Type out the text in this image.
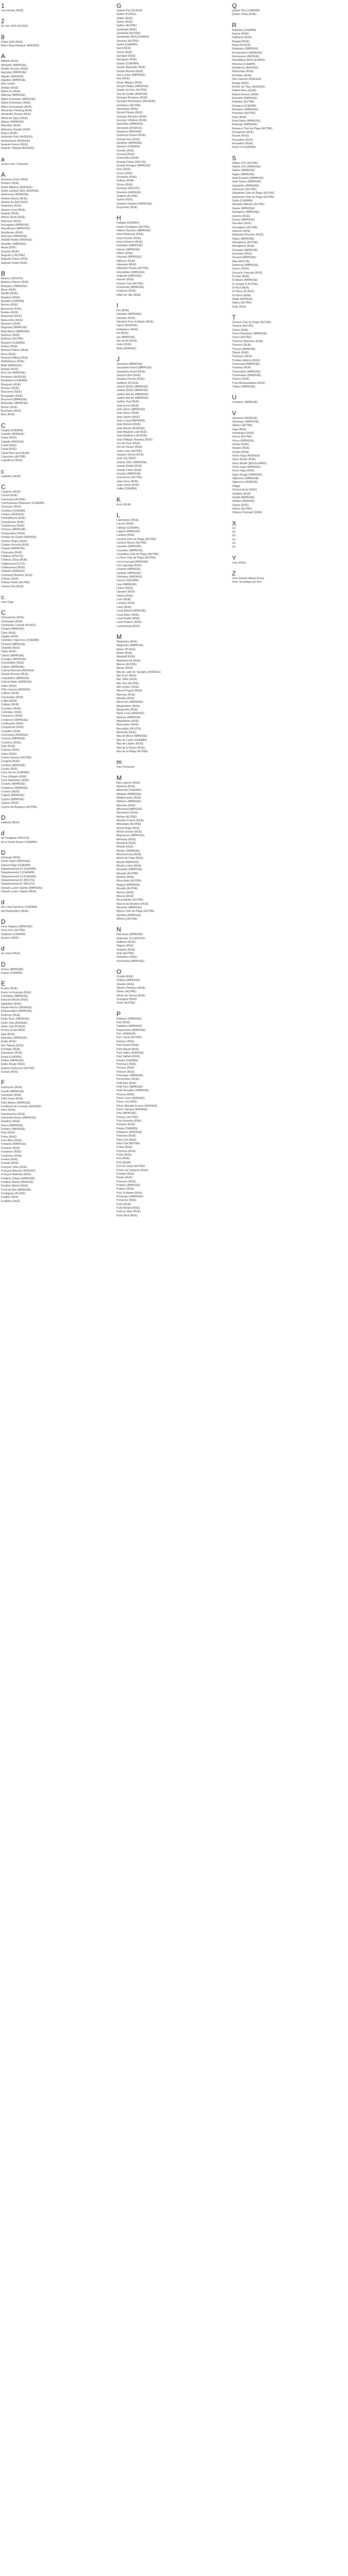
1
1ère Armée (RUE)
2
25 Juin 1944 (PLACE)
8
8 Mai 1945 (RUE)
8ème Reg.Infanterie (AVENUE)
A
Abbatis (RUE)
Abrelette (IMPASSE)
Achille Peuvion (RUE)
Agoretes (IMPASSE)
Aiguiez (AVENUE)
Aiguilles (IMPASSE)
Aire Landre
Ambles (RUE)
Albert Ier (RUE)
Albertus (IMPASSE)
Albert Schneider (IMPASSE)
Albert Schweitzer (RUE)
Albert Gourmande (RUE)
Alexandre Fleming (RUE)
Alexandre Dumas (RUE)
Alfred de Vigny (RUE)
Aliénor (IMPASSE)
Alouettes (RUE)
Alphonse Daudet (RUE)
Alsace (RUE)
Ambroise Paré (AVENUE)
Amidonnerie (AVENUE)
Anatole France (RUE)
Anatole Thibault (AVENUE)
a
ancien Parc Chassese
A
Ancienne Chée (RUE)
Anciens (RUE)
André Malraux (AVENUE)
André Lambert Dick (AVENUE)
Anémones (IMPASSE)
Antoine Barres (RUE)
Antoine de Baif (RUE)
Antonines (RUE)
Antoine Vivet (RUE)
Anatole (RUE)
Arbres Neufs (RUE)
Ardennes (RUE)
Aressgasin (IMPASSE)
Arquebuses (IMPASSE)
Arquibuses (RUE)
Arsenaux (IMPASSE)
Aristide Maillol (AVENUE)
Arnoldes (IMPASSE)
Artois (RUE)
Arzelets (RUE)
Auguste (L'AUTRE)
Augustin Pierre (RUE)
Auguste Rodin (RUE)
B
Balance (ROUTE)
Balisiers Marcel (RUE)
Baraques (IMPASSE)
Barre (RUE)
Bartillé (RUE)
Bavières (RUE)
Bazaille (CHEMIN)
Bercier (RUE)
Bayonnes (RUE)
Bastien (RUE)
Beaumont (RUE)
Beaux-Arts (RUE)
Bécanins (RUE)
Bégonias (IMPASSE)
Bella Barrel (IMPASSE)
Bellevue (RUE)
Bellerive (AUTRE)
Bergerie (CHEMIN)
Berlioz (RUE)
Bernard Palissy (RUE)
Berry (RUE)
Bertrand Rilling (RUE)
Bibliothèque (RUE)
Bidet (IMPASSE)
Boileau (RUE)
Bois Joli (IMPASSE)
Bordeaux (AVENUE)
Bordelaise (CHEMIN)
Bosquets (RUE)
Boucles (RUE)
Bouconne (RUE)
Bourgogne (RUE)
Bouvreuil (IMPASSE)
Brelandier (IMPASSE)
Breton (RUE)
Brouhane (RUE)
Brus (RUE)
C
Calade (CHEMIN)
Calvelle (AVENUE)
Camp (RUE)
Capelle (AVENUE)
Canal (RUE)
Canal (RUE)
Canal Rive Sud (QUAI)
Capucines (AUTRE)
Capotières (RUE)
c
capitelles (RUE)
C
Cargeron (RUE)
Carnot (RUE)
Carrousse (AUTRE)
Carrousseaux Rabasses (CHEMIN)
Carroyers (RUE)
Cerisiers (CHEMIN)
Chaleur (AVENUE)
Champfleurie (RUE)
Chanderane (RUE)
Chardonnay (RUE)
Charoux (IMPASSE)
Charpentiers (RUE)
Charles de Gaulle (AVENUE)
Charles Péguy (RUE)
Charles Perrault (RUE)
Chasse (IMPASSE)
Chasselas (RUE)
Château (ROUTE)
Château d'Eau (RUE)
Châteauneuf (CITÉ)
Châteauneuf (RUE)
Châtelet (AVENUE)
Chéneaux-Berthon (RUE)
Chênes (RUE)
Chênes Petits (AUTRE)
Chèvre-Pile (RUE)
c
chez Gapt
C
Cheverloute (RUE)
Christophe (RUE)
Christophe Colomb (PLACE)
Chopin (IMPASSE)
Cidre (RUE)
Cigales (RUE)
Cimetière Vignerons (CHEMIN)
Cinsault (IMPASSE)
Citadelle (RUE)
Clairs (RUE)
Clèves (IMPASSE)
Cocagne (IMPASSE)
Coeurdalles (RUE)
Colbert (IMPASSE)
Colonel Bernard (AVENUE)
Claude Bernard (RUE)
Colomblère (IMPASSE)
Colonel Alder (IMPASSE)
Côtes (RUE)
Côte Laurent (AVENUE)
Collines (RUE)
Coccinelles (RUE)
Colibri (RUE)
Collines (RUE)
Cocotiers (RUE)
Colombier (RUE)
Commerce (RUE)
Condorcet (IMPASSE)
Confiturerie (RUE)
Coquelicots (RUE)
Coquilles (RUE)
Cormorans (AVENUE)
Corrèze (IMPASSE)
Corsaires (RUE)
Côte (RUE)
Coteaux (RUE)
Côtes (RUE)
Costes Houses (AUTRE)
Cougnat (RUE)
Coulées (IMPASSE)
Courlis (RUE)
Croix de Fer (CHEMIN)
Croix d'Argent (RUE)
Croix Malenfans (RUE)
Croisets (IMPASSE)
Croisières (IMPASSE)
Cruesos (RUE)
Cugnot (IMPASSE)
Cyprès (IMPASSE)
Cygnes (RUE)
Cyrano de Bergerac (AUTRE)
D
Dalberty (RUE)
d
de Pontignan (ROUTE)
de la Garde Basse (CHEMIN)
D
Debonge (RUE)
Denis Papin (IMPASSE)
Départ Plage (CHEMIN)
Départemental 16 (CHEMIN)
Départemental 2 (CHEMIN)
Départemental 14 (CHEMIN)
Départemental 52 (ROUTE)
Départemental 61 (ROUTE)
Député Lucien Salette (IMPASSE)
Député Lucien Salette (RUE)
d
des Cinq Carrières (CHEMIN)
des Radoubiers (RUE)
D
Deux Figuiers (IMPASSE)
Deux Fins (AUTRE)
Distillerie (CHEMIN)
Docteur (RUE)
d
du Canal (RUE)
D
Dunes (IMPASSE)
Dupuy (CHEMIN)
E
Ecoles (RUE)
Ecole Le Français (RUE)
Colombier (IMPASSE)
Edouard Branly (RUE)
Eglantiers (RUE)
Elysée Reclus (AVENUE)
Embarcadère (IMPASSE)
Embruns (RUE)
Emile Roux (IMPASSE)
Émile Zola (AVENUE)
Emile Zola (PLACE)
Enclos Kenet (RUE)
Epia (RUE)
Epinettes (IMPASSE)
Erelle (RUE)
Eric Tabarly (RUE)
Ermitage (RUE)
Estanques (RUE)
Étang (CHEMIN)
Étoiles (IMPASSE)
Etoile Rouge (RUE)
Eugène Delacroix (AUTRE)
Europe (RUE)
F
Faïencerie (RUE)
Farelle (IMPASSE)
Fauvettes (RUE)
Félix Faure (RUE)
Félix Mestre (IMPASSE)
Ferdinand de Lesseps (AVENUE)
Fiers (RUE)
Flammarions (RUE)
Flamands Roses (IMPASSE)
Flandres (RUE)
Fleurs (IMPASSE)
Florides (IMPASSE)
Flots (RUE)
Folies (RUE)
Fond Bleu (RUE)
Fontaine (IMPASSE)
Fontaine (RUE)
Fontaines (RUE)
Forgerons (RUE)
Fortets (RUE)
Fouette (RUE)
François Villon (RUE)
François Mauriac (AVENUE)
François Rabelais (RUE)
Frédéric Chopin (IMPASSE)
Frédéric Mistral (AVENUE)
Frédéric Mistral (RUE)
Front de Mer (IMPASSE)
Frontignan (PLACE)
Fusillés (RUE)
Fusillées (RUE)
G
Gabriel Péri (PLACE)
Galère (PLACE)
Gallée (RUE)
Galets (RUE)
Gallies (AUTRE)
Gambetta (RUE)
Gambetta (AUTRE)
Gambettes (BOULEVARD)
Garance (AUTRE)
Garbe (CHEMIN)
Gard (RUE)
Garns (RUE)
Garrigue (RUE)
Garrigues (RUE)
Gaston (CHEMIN)
Gaston Baissette (RUE)
Gaston Bonnet (RUE)
Gay Lussac (IMPASSE)
Gaz (RUE)
Génie Militaire (RUE)
Gérard Philipe (IMPASSE)
Gaston de Foix (AUTRE)
Gaz de Gaulle (AVENUE)
Georges Brassens (RUE)
Georges Monkeytam (AVENUE)
Gentianes (AUTRE)
Géraniums (RUE)
Gerard Pinaire (RUE)
Georges Rempiss (RUE)
Georges Villebrun (RUE)
Gimbelles (IMPASSE)
Giovannis (AVENUE)
Glaçières (AVENUE)
Grammon Robert (RUE)
Grande Rue (RUE)
Giroflées (IMPASSE)
Glaciers (CHEMIN)
Gonelle (RUE)
Gounod (RUE)
Grand Bleu (RUE)
Grande Plaine (ROUTE)
Grands Rivages (IMPASSE)
Gres (RUE)
Grève (RUE)
Grenache (RUE)
Grillons (RUE)
Grives (RUE)
Gruissan (ROUTE)
Guesdes (AVENUE)
Guignol (AUTRE)
Guinet (RUE)
Gustave Flaubert (IMPASSE)
Guynemer (RUE)
H
Hallage (CHEMIN)
Haute Frontignan (AUTRE)
Hélène Boucher (IMPASSE)
Henri Barbusse (RUE)
Henri Fornier (RUE)
Henri Vincenot (RUE)
Herbettes (IMPASSE)
Hérons (IMPASSE)
Hêtres (RUE)
Heysses (IMPASSE)
Hibiscus (RUE)
Hippolyte (RUE)
Hippolyte Fizeau (AUTRE)
Hirondelles (IMPASSE)
Hollande (IMPASSE)
Honoré (RUE)
Horizon Sud (AUTRE)
Hortensias (IMPASSE)
Hospices (RUE)
Hôtel de Ville (RUE)
I
Iles (RUE)
Industrie (IMPASSE)
Industrie (RUE)
Industrie Prés St Martin (RUE)
Ingres (AVENUE)
Instituteurs (RUE)
Iris (RUE)
Isis (IMPASSE)
Isle de Ré (RUE)
Ivoire (RUE)
Belle (AVENUE)
J
Jacinthes (IMPASSE)
Jacqueline Auriol (IMPASSE)
Jacqueline Auriol (RUE)
Jacques Brel (RUE)
Jacques Prévert (RUE)
Jardinier (PLACE)
Jasmin (RUE) (IMPASSE)
Jardins (RUE) (IMPASSE)
Jardins Bel Air (IMPASSE)
Jardins Bel Air (IMPASSE)
Jardins Sud (RUE)
Jean Ferrat (RUE)
Jean Giono (IMPASSE)
Jean Giono (RUE)
Jean Jaurès (RUE)
Jean Lurçat (IMPASSE)
Jean Monnet (RUE)
Jean Moulin (AVENUE)
Jean-Baptiste Lulli (RUE)
Jean-Baptiste Lulli (RUE)
Jean-Philippe Rameau (RUE)
Jeu de Paon (RUE)
Jeu de Paume (RUE)
Jules Cune (AUTRE)
Jacques Sernat (RUE)
Jean Zay (RUE)
Jeanne d'Arc (IMPASSE)
Joseph Delteil (RUE)
Joseph Fabre (RUE)
Jourdan (IMPASSE)
Joveresses (AUTRE)
Jules Ferry (RUE)
Jules Verne (RUE)
Juillet (CHEMIN)
K
Koch (RUE)
L
Laboratoire (RUE)
Lacroix (RUE)
Lafarge (CHEMIN)
Lagune (IMPASSE)
Lauriers (RUE)
Lauriers Clair de Plage (AUTRE)
Lauriers Roses (AUTRE)
Lavande (IMPASSE)
Lavandes (IMPASSE)
Lavandins Clair de Plage (AUTRE)
Le Brun Clair de Plage (AUTRE)
Léon Foucault (IMPASSE)
Léo Lagrange (RUE)
Lézards (IMPASSE)
Libellule (IMPASSE)
Libération (AVENUE)
Lierres (SQUARE)
Lilas (IMPASSE)
Lisière (RUE)
Lilyanne (RUE)
Littoral (RUE)
Loire (RUE)
Lorraine (RUE)
Lotus (RUE)
Louis Blériot (IMPASSE)
Louis Blanc (RUE)
Louis Braille (RUE)
Louis Pasteur (RUE)
Luxembourg (RUE)
M
Madeleine (RUE)
Magnolias (IMPASSE)
Mairie (PLACE)
Mairie (RUE)
Malakoff (RUE)
Malebranche (RUE)
Manon (AUTRE)
Marais (RUE)
Mar de Latte de Tassigny (AVENUE)
Mar Foch (RUE)
Mar Joffre (RUE)
Mar Juin (AUTRE)
Mar Leclerc (RUE)
Marcel Pagnol (RUE)
Marchés (RUE)
Mareilla (RUE)
Marennes (IMPASSE)
Margeuleine (RUE)
Marguerite (RUE)
Marie Curie (AVENUE)
Marines (IMPASSE)
Marjolaines (RUE)
Maronniers (RUE)
Marseillan (ROUTE)
Martinets (RUE)
Mas de Bérar (IMPASSE)
Mas de Cazer (CHEMIN)
Mas des Salins (RUE)
Mas de la Plaine (RUE)
Mas de la Plage (AUTRE)
m
mas Fornassie
M
Mas Laperre (RUE)
Maximin (RUE)
Maternité (CHEMIN)
Médiatis (IMPASSE)
Méditerranée (RUE)
Mélèzes (IMPASSE)
Mémoire (RUE)
Mémorial (IMPASSE)
Menuisiers (RUE)
Merlan (AUTRE)
Mendès France (RUE)
Mésanges (AUTRE)
Michel Ange (RUE)
Michel Dorrier (RUE)
Mignonnes (IMPASSE)
Mimosas (RUE)
Minoterie (RUE)
Mireille (RUE)
Molière (IMPASSE)
Montmorency (RUE)
Monts de Pratz (RUE)
Moulin (IMPASSE)
Moulin à Vent (RUE)
Mouettes (IMPASSE)
Mouette (AUTRE)
Moulins (RUE)
Mourrèdes (AUTRE)
Muguet (IMPASSE)
Muraille (AUTRE)
Muriers (RUE)
Muscat (RUE)
Muscadelles (AUTRE)
Muscat de Bourbon (RUE)
Myosotis (IMPASSE)
Myrtes Clair de Plage (AUTRE)
Myrtilles (IMPASSE)
Mûriers (AUTRE)
N
Narcisses (IMPASSE)
Nationale 112 (ROUTE)
Neflières (RUE)
Négres (RUE)
Neptune (RUE)
Noël (AUTRE)
Noisetiers (RUE)
Normandie (IMPASSE)
O
Ocellet (RUE)
Oeillets (IMPASSE)
Olivette (RUE)
Oliviers Romains (RUE)
Olivier (AUTRE)
Olivier de Serres (RUE)
Orangerie (RUE)
Orme (AUTRE)
P
Palmiers (IMPASSE)
Paix (RUE)
Papillons (IMPASSE)
Paquerettes (IMPASSE)
Parc (AVENUE)
Parc Canal (AUTRE)
Pasteur (RUE)
Paul Eluard (RUE)
Paul Riquet (RUE)
Paul Valéry (AVENUE)
Paul Vaillant (RUE)
Pavots (CHEMIN)
Pecheurs (RUE)
Peiroun (RUE)
Pelouse (RUE)
Penninger (IMPASSE)
Pervenches (RUE)
Petit Bois (RUE)
Petit Parc (IMPASSE)
Petit Versailles (IMPASSE)
Picasso (RUE)
Pierre Curie (AVENUE)
Pierre Loti (RUE)
Pierre Mendès France (AVENUE)
Pierre Sémard (AVENUE)
Pins (IMPASSE)
Pinsons (AUTRE)
Pins Parasols (RUE)
Pivoines (RUE)
Plaine (CHEMIN)
Plaisance (AVENUE)
Planches (RUE)
Plein Ciel (RUE)
Plein Sud (AUTRE)
Poilus (RUE)
Pommes (RUE)
Ponts (RUE)
Port (RUE)
Port (QUAI)
Port de Canal (AUTRE)
Portes de Cabanes (RUE)
Portalet (RUE)
Poulie (RUE)
Poussins (RUE)
Pradets (IMPASSE)
Prairies (RUE)
Prés St Martin (RUE)
Printemps (IMPASSE)
Provence (RUE)
Puits (RUE)
Puits Bérard (RUE)
Puits du Bois (RUE)
Puits Neuf (RUE)
Q
Quatre Pins (CHEMIN)
Quatre Vents (RUE)
R
Rabelais (CHEMIN)
Racine (RUE)
Raffinerie (RUE)
Raspail (RUE)
Ravel (PLACE)
Remparts (IMPASSE)
Renaissance (IMPASSE)
Renouveau (AVENUE)
République (BOULEVARD)
Résenia (CHEMIN)
Résidence (AVENUE)
Rethondes (RUE)
Richelieu (RUE)
Rive Gauche (AVENUE)
Rivage (RUE)
Rivière de Thau (AVENUE)
Robert Alary (QUAI)
Robert Desnos (RUE)
Rochelle (IMPASSE)
Roitelets (AUTRE)
Romains (CHEMIN)
Romarins (IMPASSE)
Romarins (AUTRE)
Rose (RUE)
Rose Marie (IMPASSE)
Roseraie (IMPASSE)
Roseaux Clair de Plage (AUTRE)
Rossignols (RUE)
Rouets (RUE)
Roussillon (RUE)
Roussillon (RUE)
Rural 10 (CHEMIN)
S
Sables d'Or (AUTRE)
Sables d'Or (IMPASSE)
Sables (IMPASSE)
Sagne (IMPASSE)
Saint Exupéry (IMPASSE)
Saint Saens (IMPASSE)
Saladelles (IMPASSE)
Salicornes (AUTRE)
Saladelles Clair de Plage (AUTRE)
Salicornes Clair de Plage (AUTRE)
Salins (CHEMIN)
Salvador Allende (AUTRE)
Saules (IMPASSE)
Sauvignon (IMPASSE)
Saturne (RUE)
Savoie (IMPASSE)
Sarcelles (RUE)
Sauvageon (AUTRE)
Saumon (RUE)
Sébastien Bourdon (RUE)
Sègue (IMPASSE)
Sémaphore (AUTRE)
Sémaphore (RUE)
Senegals (IMPASSE)
Serments (RUE)
Servard (IMPASSE)
Sète (ROUTE)
Sophoras (IMPASSE)
Source (RUE)
Souvenir Français (RUE)
St Clair (RUE)
St Hilaire (IMPASSE)
St Joseph (L'AUTRE)
St Paul (RUE)
St Pierre (PLACE)
St Pierre (RUE)
Stade (AVENUE)
Stalou (AUTRE)
Sully (RUE)
T
Tamaris Clair de Plage (AUTRE)
Tamaris (AUTRE)
Tennis (RUE)
Terres Romaines (IMPASSE)
Terres (AUTRE)
Thermes Blanches (RUE)
Thermes (RUE)
Thuyas (IMPASSE)
Tilleuls (RUE)
Tonneaux (RUE)
Trémies Hébron (RUE)
Tournesols (IMPASSE)
Touristes (RUE)
Tourterelles (IMPASSE)
Tramontane (IMPASSE)
Trésors (RUE)
Trois Mousquetaires (RUE)
Tulipes (IMPASSE)
U
Ursulines (IMPASSE)
V
Vacances (AVENUE)
Vaisseaux (IMPASSE)
Vallons (AUTRE)
Vega (RUE)
Vendanges (RUE)
Venise (AUTRE)
Venus (IMPASSE)
Verdun (RUE)
Vergers (RUE)
Verdun (RUE)
Victor Hugo (AVENUE)
Vieux Moulin (RUE)
Vieux Moulin (BOULEVARD)
Victor Hugo (IMPASSE)
Victor Hugo (RUE)
Vigne Rouge (IMPASSE)
Vignerons (IMPASSE)
Vignerons (AVENUE)
Village
Vincent Auriol (RUE)
Violettes (RUE)
Vivaldi (IMPASSE)
Voltaire (AVENUE)
Voûtes (RUE)
Volière (AUTRE)
Voltaire Prolongé (QUAI)
X
XX
XX
XX
XX
XX
XX
Y
Ysar (RUE)
Z
Zone Activité Abose Rouet
Zone Touristique du Port
